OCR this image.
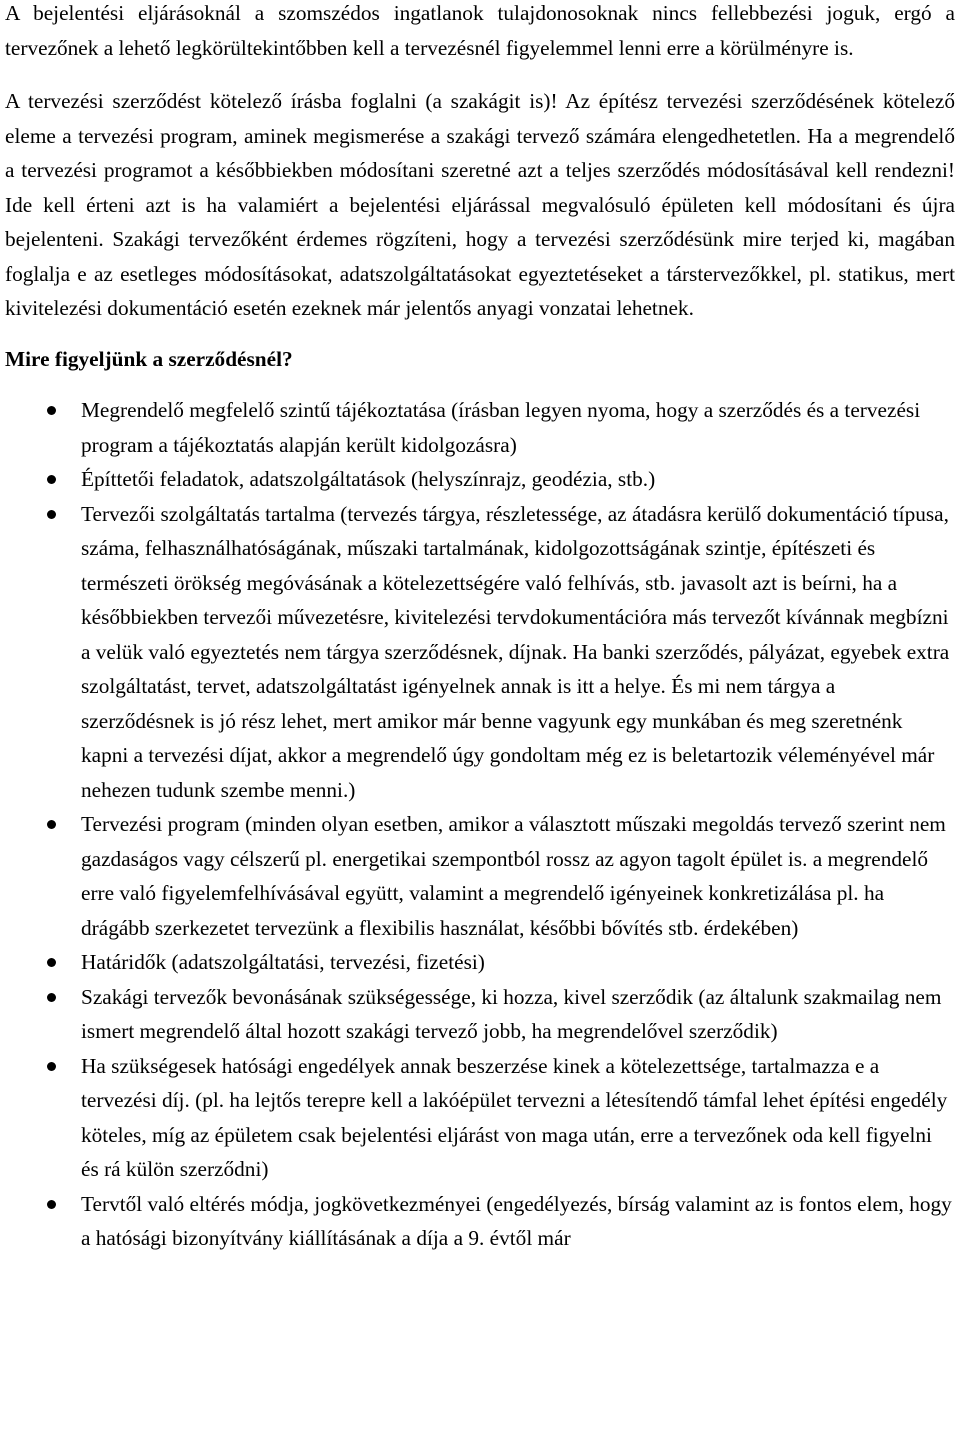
A bejelentési eljárásoknál a szomszédos ingatlanok tulajdonosoknak nincs fellebbezési joguk, ergó a tervezőnek a lehető legkörültekintőbben kell a tervezésnél figyelemmel lenni erre a körülményre is.

A tervezési szerződést kötelező írásba foglalni (a szakágit is)! Az építész tervezési szerződésének kötelező eleme a tervezési program, aminek megismerése a szakági tervező számára elengedhetetlen. Ha a megrendelő a tervezési programot a későbbiekben módosítani szeretné azt a teljes szerződés módosításával kell rendezni! Ide kell érteni azt is ha valamiért a bejelentési eljárással megvalósuló épületen kell módosítani és újra bejelenteni. Szakági tervezőként érdemes rögzíteni, hogy a tervezési szerződésünk mire terjed ki, magában foglalja e az esetleges módosításokat, adatszolgáltatásokat egyeztetéseket a társtervezőkkel, pl. statikus, mert kivitelezési dokumentáció esetén ezeknek már jelentős anyagi vonzatai lehetnek.

Mire figyeljünk a szerződésnél?
Megrendelő megfelelő szintű tájékoztatása (írásban legyen nyoma, hogy a szerződés és a tervezési program a tájékoztatás alapján került kidolgozásra)
Építtetői feladatok, adatszolgáltatások (helyszínrajz, geodézia, stb.)
Tervezői szolgáltatás tartalma (tervezés tárgya, részletessége, az átadásra kerülő dokumentáció típusa, száma, felhasználhatóságának, műszaki tartalmának, kidolgozottságának szintje, építészeti és természeti örökség megóvásának a kötelezettségére való felhívás, stb. javasolt azt is beírni, ha a későbbiekben tervezői művezetésre, kivitelezési tervdokumentációra más tervezőt kívánnak megbízni a velük való egyeztetés nem tárgya szerződésnek, díjnak. Ha banki szerződés, pályázat, egyebek extra szolgáltatást, tervet, adatszolgáltatást igényelnek annak is itt a helye. És mi nem tárgya a szerződésnek is jó rész lehet, mert amikor már benne vagyunk egy munkában és meg szeretnénk kapni a tervezési díjat, akkor a megrendelő úgy gondoltam még ez is beletartozik véleményével már nehezen tudunk szembe menni.)
Tervezési program (minden olyan esetben, amikor a választott műszaki megoldás tervező szerint nem gazdaságos vagy célszerű pl. energetikai szempontból rossz az agyon tagolt épület is. a megrendelő erre való figyelemfelhívásával együtt, valamint a megrendelő igényeinek konkretizálása pl. ha drágább szerkezetet tervezünk a flexibilis használat, későbbi bővítés stb. érdekében)
Határidők (adatszolgáltatási, tervezési, fizetési)
Szakági tervezők bevonásának szükségessége, ki hozza, kivel szerződik (az általunk szakmailag nem ismert megrendelő által hozott szakági tervező jobb, ha megrendelővel szerződik)
Ha szükségesek hatósági engedélyek annak beszerzése kinek a kötelezettsége, tartalmazza e a tervezési díj. (pl. ha lejtős terepre kell a lakóépület tervezni a létesítendő támfal lehet építési engedély köteles, míg az épületem csak bejelentési eljárást von maga után, erre a tervezőnek oda kell figyelni és rá külön szerződni)
Tervtől való eltérés módja, jogkövetkezményei (engedélyezés, bírság valamint az is fontos elem, hogy a hatósági bizonyítvány kiállításának a díja a 9. évtől már
